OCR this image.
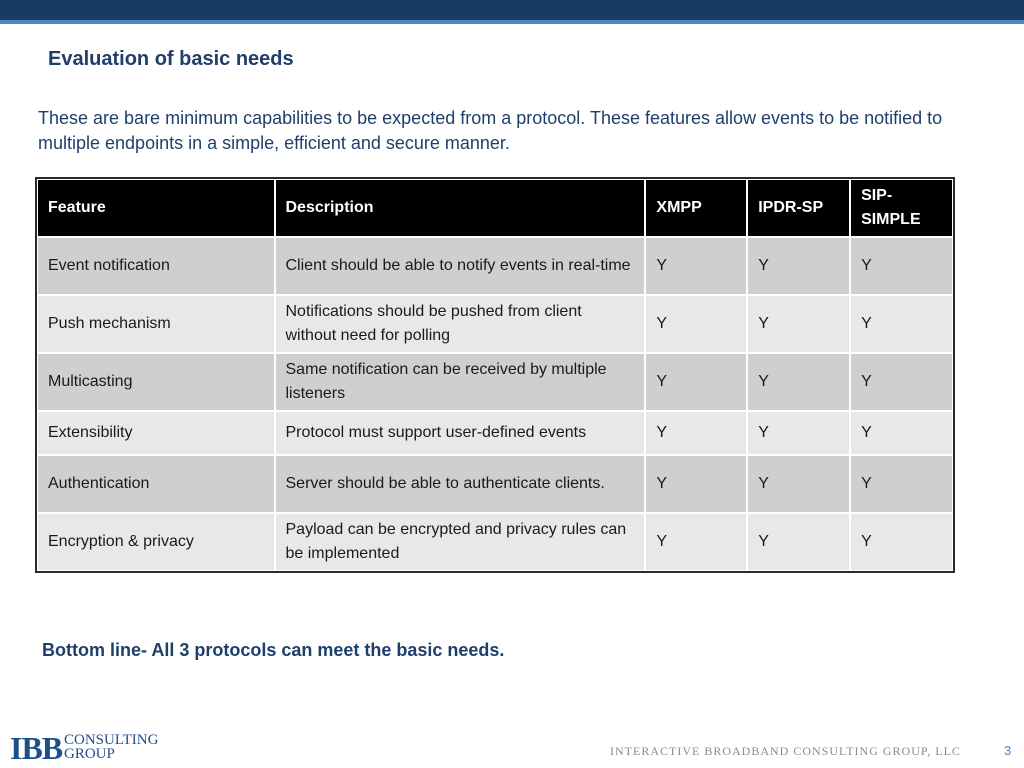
Evaluation of basic needs
These are bare minimum capabilities to be expected from a protocol. These features allow events to be notified to multiple endpoints in a simple, efficient and secure manner.
Feature	Description	XMPP	IPDR-SP	SIP-SIMPLE
Event notification	Client should be able to notify events in real-time	Y	Y	Y
Push mechanism	Notifications should be pushed from client without need for polling	Y	Y	Y
Multicasting	Same notification can be received by multiple listeners	Y	Y	Y
Extensibility	Protocol must support user-defined events	Y	Y	Y
Authentication	Server should be able to authenticate clients.	Y	Y	Y
Encryption & privacy	Payload can be encrypted and privacy rules can be implemented	Y	Y	Y
Bottom line- All 3 protocols can meet the basic needs.
IBB CONSULTING
GROUP	INTERACTIVE BROADBAND CONSULTING GROUP, LLC	3
